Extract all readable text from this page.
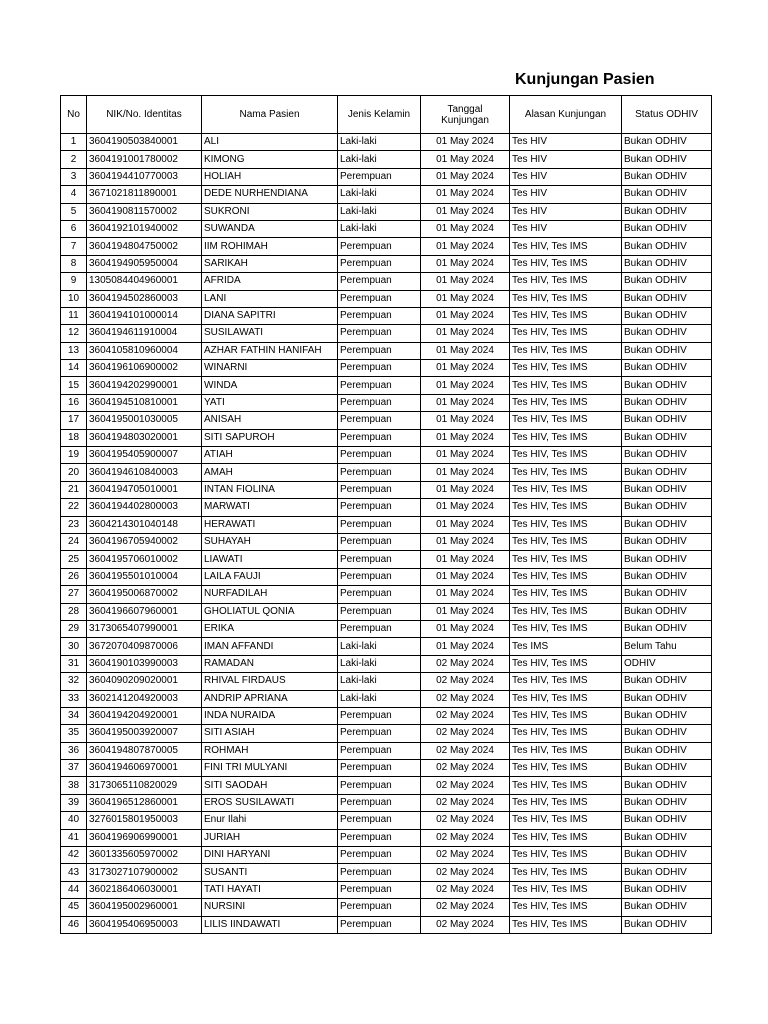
Kunjungan Pasien
No	NIK/No. Identitas	Nama Pasien	Jenis Kelamin	Tanggal Kunjungan	Alasan Kunjungan	Status ODHIV
1	3604190503840001	ALI	Laki-laki	01 May 2024	Tes HIV	Bukan ODHIV
2	3604191001780002	KIMONG	Laki-laki	01 May 2024	Tes HIV	Bukan ODHIV
3	3604194410770003	HOLIAH	Perempuan	01 May 2024	Tes HIV	Bukan ODHIV
4	3671021811890001	DEDE NURHENDIANA	Laki-laki	01 May 2024	Tes HIV	Bukan ODHIV
5	3604190811570002	SUKRONI	Laki-laki	01 May 2024	Tes HIV	Bukan ODHIV
6	3604192101940002	SUWANDA	Laki-laki	01 May 2024	Tes HIV	Bukan ODHIV
7	3604194804750002	IIM ROHIMAH	Perempuan	01 May 2024	Tes HIV, Tes IMS	Bukan ODHIV
8	3604194905950004	SARIKAH	Perempuan	01 May 2024	Tes HIV, Tes IMS	Bukan ODHIV
9	1305084404960001	AFRIDA	Perempuan	01 May 2024	Tes HIV, Tes IMS	Bukan ODHIV
10	3604194502860003	LANI	Perempuan	01 May 2024	Tes HIV, Tes IMS	Bukan ODHIV
11	3604194101000014	DIANA SAPITRI	Perempuan	01 May 2024	Tes HIV, Tes IMS	Bukan ODHIV
12	3604194611910004	SUSILAWATI	Perempuan	01 May 2024	Tes HIV, Tes IMS	Bukan ODHIV
13	3604105810960004	AZHAR FATHIN HANIFAH	Perempuan	01 May 2024	Tes HIV, Tes IMS	Bukan ODHIV
14	3604196106900002	WINARNI	Perempuan	01 May 2024	Tes HIV, Tes IMS	Bukan ODHIV
15	3604194202990001	WINDA	Perempuan	01 May 2024	Tes HIV, Tes IMS	Bukan ODHIV
16	3604194510810001	YATI	Perempuan	01 May 2024	Tes HIV, Tes IMS	Bukan ODHIV
17	3604195001030005	ANISAH	Perempuan	01 May 2024	Tes HIV, Tes IMS	Bukan ODHIV
18	3604194803020001	SITI SAPUROH	Perempuan	01 May 2024	Tes HIV, Tes IMS	Bukan ODHIV
19	3604195405900007	ATIAH	Perempuan	01 May 2024	Tes HIV, Tes IMS	Bukan ODHIV
20	3604194610840003	AMAH	Perempuan	01 May 2024	Tes HIV, Tes IMS	Bukan ODHIV
21	3604194705010001	INTAN FIOLINA	Perempuan	01 May 2024	Tes HIV, Tes IMS	Bukan ODHIV
22	3604194402800003	MARWATI	Perempuan	01 May 2024	Tes HIV, Tes IMS	Bukan ODHIV
23	3604214301040148	HERAWATI	Perempuan	01 May 2024	Tes HIV, Tes IMS	Bukan ODHIV
24	3604196705940002	SUHAYAH	Perempuan	01 May 2024	Tes HIV, Tes IMS	Bukan ODHIV
25	3604195706010002	LIAWATI	Perempuan	01 May 2024	Tes HIV, Tes IMS	Bukan ODHIV
26	3604195501010004	LAILA FAUJI	Perempuan	01 May 2024	Tes HIV, Tes IMS	Bukan ODHIV
27	3604195006870002	NURFADILAH	Perempuan	01 May 2024	Tes HIV, Tes IMS	Bukan ODHIV
28	3604196607960001	GHOLIATUL QONIA	Perempuan	01 May 2024	Tes HIV, Tes IMS	Bukan ODHIV
29	3173065407990001	ERIKA	Perempuan	01 May 2024	Tes HIV, Tes IMS	Bukan ODHIV
30	3672070409870006	IMAN AFFANDI	Laki-laki	01 May 2024	Tes IMS	Belum Tahu
31	3604190103990003	RAMADAN	Laki-laki	02 May 2024	Tes HIV, Tes IMS	ODHIV
32	3604090209020001	RHIVAL FIRDAUS	Laki-laki	02 May 2024	Tes HIV, Tes IMS	Bukan ODHIV
33	3602141204920003	ANDRIP APRIANA	Laki-laki	02 May 2024	Tes HIV, Tes IMS	Bukan ODHIV
34	3604194204920001	INDA NURAIDA	Perempuan	02 May 2024	Tes HIV, Tes IMS	Bukan ODHIV
35	3604195003920007	SITI ASIAH	Perempuan	02 May 2024	Tes HIV, Tes IMS	Bukan ODHIV
36	3604194807870005	ROHMAH	Perempuan	02 May 2024	Tes HIV, Tes IMS	Bukan ODHIV
37	3604194606970001	FINI TRI MULYANI	Perempuan	02 May 2024	Tes HIV, Tes IMS	Bukan ODHIV
38	3173065110820029	SITI SAODAH	Perempuan	02 May 2024	Tes HIV, Tes IMS	Bukan ODHIV
39	3604196512860001	EROS SUSILAWATI	Perempuan	02 May 2024	Tes HIV, Tes IMS	Bukan ODHIV
40	3276015801950003	Enur Ilahi	Perempuan	02 May 2024	Tes HIV, Tes IMS	Bukan ODHIV
41	3604196906990001	JURIAH	Perempuan	02 May 2024	Tes HIV, Tes IMS	Bukan ODHIV
42	3601335605970002	DINI HARYANI	Perempuan	02 May 2024	Tes HIV, Tes IMS	Bukan ODHIV
43	3173027107900002	SUSANTI	Perempuan	02 May 2024	Tes HIV, Tes IMS	Bukan ODHIV
44	3602186406030001	TATI HAYATI	Perempuan	02 May 2024	Tes HIV, Tes IMS	Bukan ODHIV
45	3604195002960001	NURSINI	Perempuan	02 May 2024	Tes HIV, Tes IMS	Bukan ODHIV
46	3604195406950003	LILIS IINDAWATI	Perempuan	02 May 2024	Tes HIV, Tes IMS	Bukan ODHIV
